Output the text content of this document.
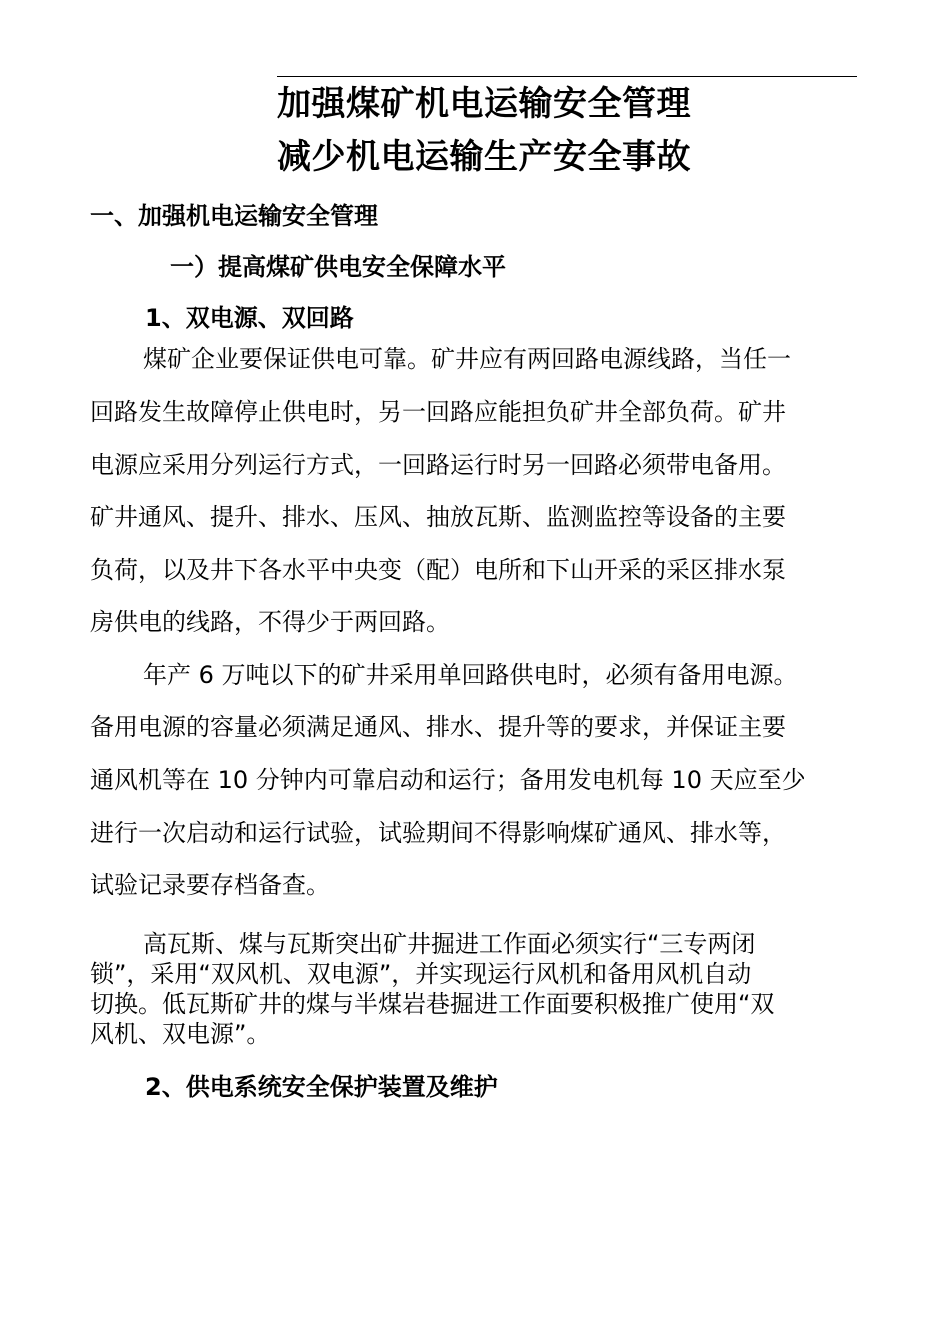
加强煤矿机电运输安全管理
减少机电运输生产安全事故
一、加强机电运输安全管理
一）提高煤矿供电安全保障水平
1、双电源、双回路
煤矿企业要保证供电可靠。矿井应有两回路电源线路，当任一
回路发生故障停止供电时，另一回路应能担负矿井全部负荷。矿井
电源应采用分列运行方式，一回路运行时另一回路必须带电备用。
矿井通风、提升、排水、压风、抽放瓦斯、监测监控等设备的主要
负荷，以及井下各水平中央变（配）电所和下山开采的采区排水泵
房供电的线路，不得少于两回路。
年产 6 万吨以下的矿井采用单回路供电时，必须有备用电源。
备用电源的容量必须满足通风、排水、提升等的要求，并保证主要
通风机等在 10 分钟内可靠启动和运行；备用发电机每 10 天应至少
进行一次启动和运行试验，试验期间不得影响煤矿通风、排水等，
试验记录要存档备查。
高瓦斯、煤与瓦斯突出矿井掘进工作面必须实行“三专两闭
锁”，采用“双风机、双电源”，并实现运行风机和备用风机自动
切换。低瓦斯矿井的煤与半煤岩巷掘进工作面要积极推广使用“双
风机、双电源”。
2、供电系统安全保护装置及维护
